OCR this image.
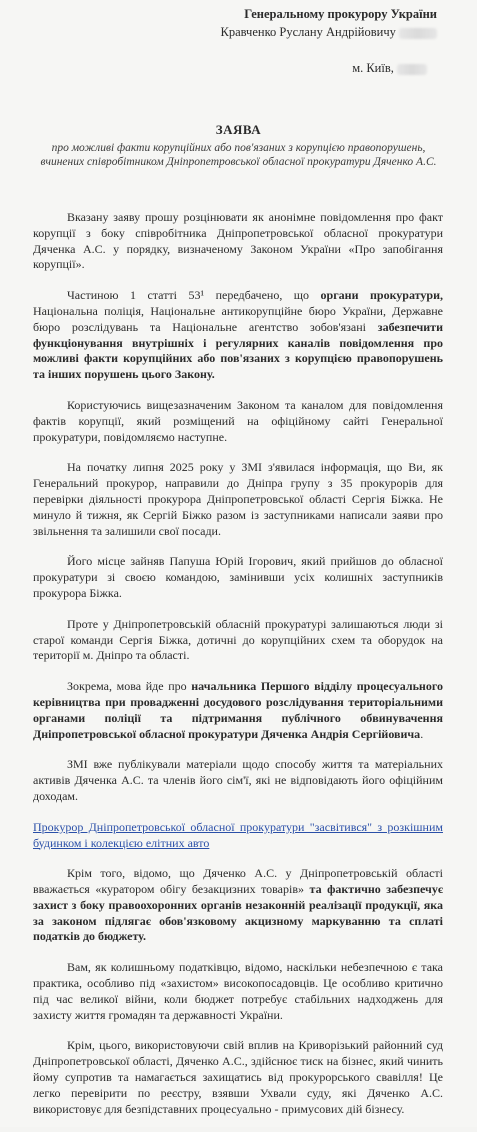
Генеральному прокурору України
Кравченко Руслану Андрійовичу
м. Київ,
ЗАЯВА
про можливі факти корупційних або пов'язаних з корупцією правопорушень,
вчинених співробітником Дніпропетровської обласної прокуратури Дяченко А.С.

Вказану заяву прошу розцінювати як анонімне повідомлення про факт корупції з боку співробітника Дніпропетровської обласної прокуратури Дяченка А.С. у порядку, визначеному Законом України «Про запобігання корупції».

Частиною 1 статті 53¹ передбачено, що органи прокуратури, Національна поліція, Національне антикорупційне бюро України, Державне бюро розслідувань та Національне агентство зобов'язані забезпечити функціонування внутрішніх і регулярних каналів повідомлення про можливі факти корупційних або пов'язаних з корупцією правопорушень та інших порушень цього Закону.

Користуючись вищезазначеним Законом та каналом для повідомлення фактів корупції, який розміщений на офіційному сайті Генеральної прокуратури, повідомляємо наступне.

На початку липня 2025 року у ЗМІ з'явилася інформація, що Ви, як Генеральний прокурор, направили до Дніпра групу з 35 прокурорів для перевірки діяльності прокурора Дніпропетровської області Сергія Біжка. Не минуло й тижня, як Сергій Біжко разом із заступниками написали заяви про звільнення та залишили свої посади.

Його місце зайняв Папуша Юрій Ігорович, який прийшов до обласної прокуратури зі своєю командою, замінивши усіх колишніх заступників прокурора Біжка.

Проте у Дніпропетровській обласній прокуратурі залишаються люди зі старої команди Сергія Біжка, дотичні до корупційних схем та оборудок на території м. Дніпро та області.

Зокрема, мова йде про начальника Першого відділу процесуального керівництва при провадженні досудового розслідування територіальними органами поліції та підтримання публічного обвинувачення Дніпропетровської обласної прокуратури Дяченка Андрія Сергійовича.

ЗМІ вже публікували матеріали щодо способу життя та матеріальних активів Дяченка А.С. та членів його сім'ї, які не відповідають його офіційним доходам.

Прокурор Дніпропетровської обласної прокуратури "засвітився" з розкішним будинком і колекцією елітних авто

Крім того, відомо, що Дяченко А.С. у Дніпропетровській області вважається «куратором обігу безакцизних товарів» та фактично забезпечує захист з боку правоохоронних органів незаконній реалізації продукції, яка за законом підлягає обов'язковому акцизному маркуванню та сплаті податків до бюджету.

Вам, як колишньому податківцю, відомо, наскільки небезпечною є така практика, особливо під «захистом» високопосадовців. Це особливо критично під час великої війни, коли бюджет потребує стабільних надходжень для захисту життя громадян та державності України.

Крім, цього, використовуючи свій вплив на Криворізький районний суд Дніпропетровської області, Дяченко А.С., здійснює тиск на бізнес, який чинить йому супротив та намагається захищатись від прокурорського свавілля! Це легко перевірити по реєстру, взявши Ухвали суду, які Дяченко А.С. використовує для безпідставних процесуально - примусових дій бізнесу.
